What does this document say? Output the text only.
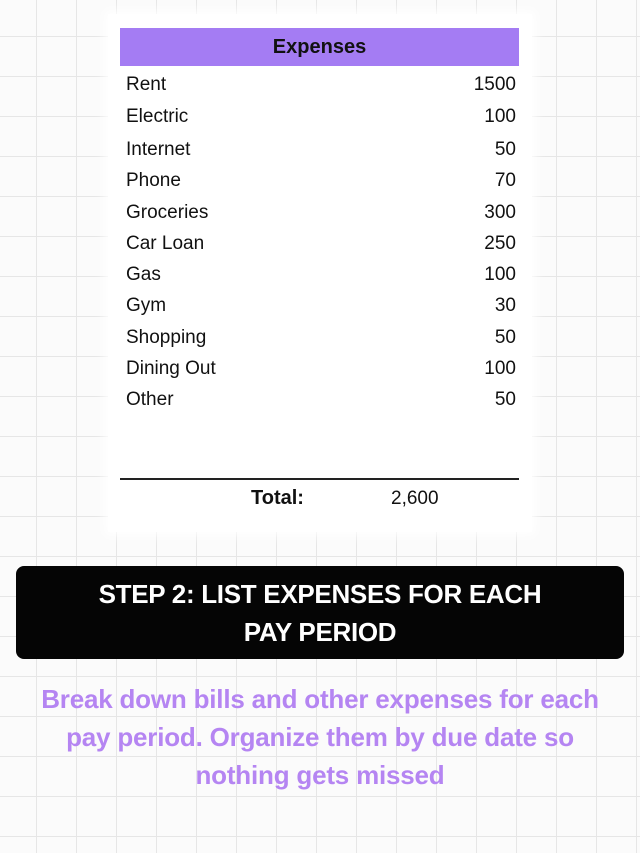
Expenses
Rent	1500
Electric	100
Internet	50
Phone	70
Groceries	300
Car Loan	250
Gas	100
Gym	30
Shopping	50
Dining Out	100
Other	50
Total:	2,600
STEP 2: LIST EXPENSES FOR EACH PAY PERIOD
Break down bills and other expenses for each pay period. Organize them by due date so nothing gets missed
